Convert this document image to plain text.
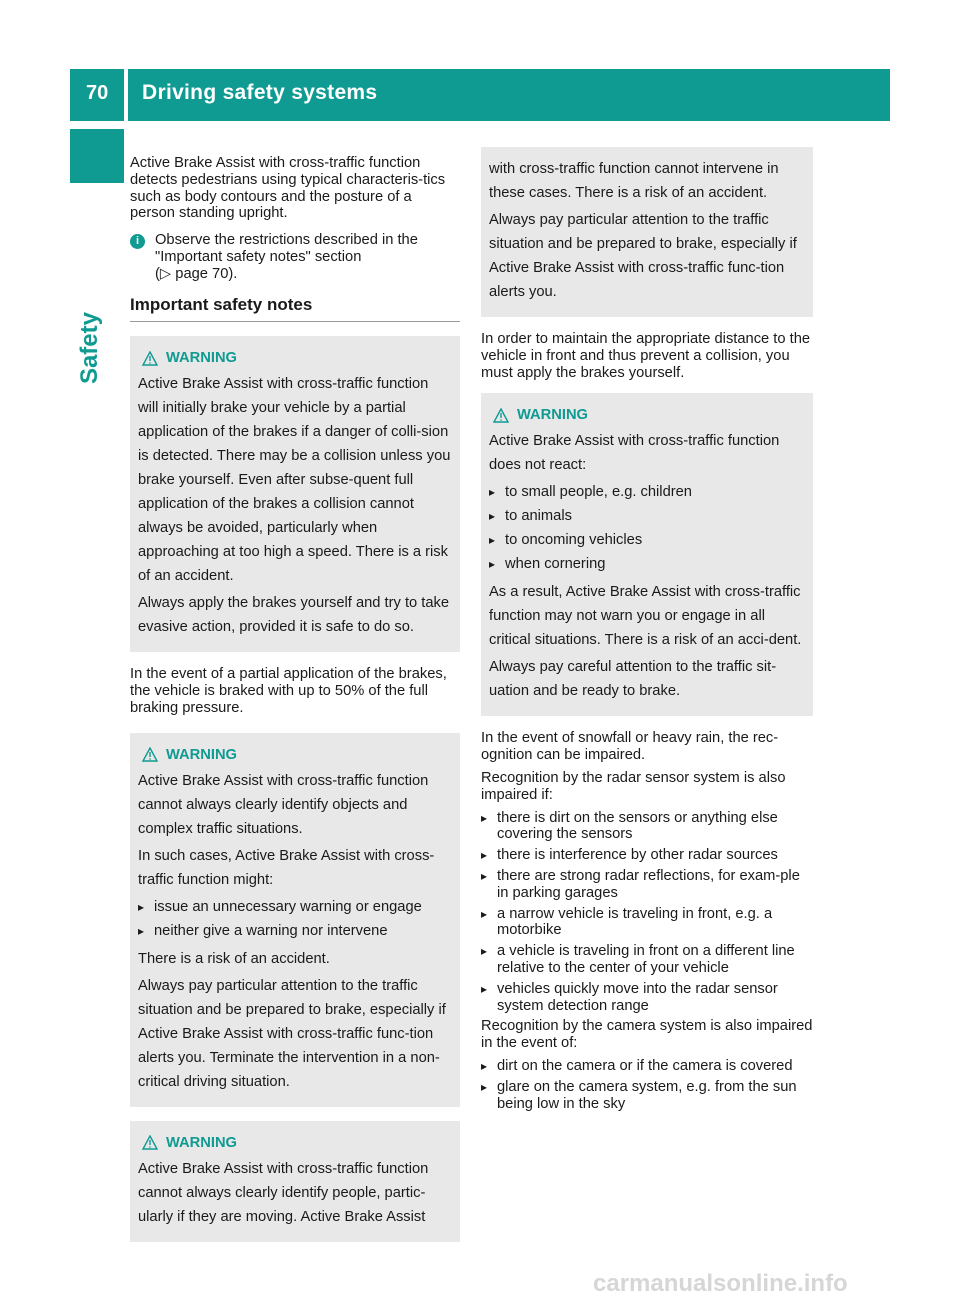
70 Driving safety systems
Safety

Active Brake Assist with cross-traffic function detects pedestrians using typical characteris-tics such as body contours and the posture of a person standing upright.

i	Observe the restrictions described in the "Important safety notes" section
(▷ page 70).
Important safety notes
WARNING

Active Brake Assist with cross-traffic function will initially brake your vehicle by a partial application of the brakes if a danger of colli-sion is detected. There may be a collision unless you brake yourself. Even after subse-quent full application of the brakes a collision cannot always be avoided, particularly when approaching at too high a speed. There is a risk of an accident.

Always apply the brakes yourself and try to take evasive action, provided it is safe to do so.

In the event of a partial application of the brakes, the vehicle is braked with up to 50% of the full braking pressure.

WARNING

Active Brake Assist with cross-traffic function cannot always clearly identify objects and complex traffic situations.

In such cases, Active Brake Assist with cross-traffic function might:

▸ issue an unnecessary warning or engage
▸ neither give a warning nor intervene

There is a risk of an accident.

Always pay particular attention to the traffic situation and be prepared to brake, especially if Active Brake Assist with cross-traffic func-tion alerts you. Terminate the intervention in a non-critical driving situation.

WARNING

Active Brake Assist with cross-traffic function cannot always clearly identify people, partic-ularly if they are moving. Active Brake Assist

with cross-traffic function cannot intervene in these cases. There is a risk of an accident.

Always pay particular attention to the traffic situation and be prepared to brake, especially if Active Brake Assist with cross-traffic func-tion alerts you.

In order to maintain the appropriate distance to the vehicle in front and thus prevent a collision, you must apply the brakes yourself.

WARNING

Active Brake Assist with cross-traffic function does not react:

▸ to small people, e.g. children
▸ to animals
▸ to oncoming vehicles
▸ when cornering

As a result, Active Brake Assist with cross-traffic function may not warn you or engage in all critical situations. There is a risk of an acci-dent.

Always pay careful attention to the traffic sit-uation and be ready to brake.

In the event of snowfall or heavy rain, the rec-ognition can be impaired.

Recognition by the radar sensor system is also impaired if:

▸ there is dirt on the sensors or anything else covering the sensors
▸ there is interference by other radar sources
▸ there are strong radar reflections, for exam-ple in parking garages
▸ a narrow vehicle is traveling in front, e.g. a motorbike
▸ a vehicle is traveling in front on a different line relative to the center of your vehicle
▸ vehicles quickly move into the radar sensor system detection range

Recognition by the camera system is also impaired in the event of:

▸ dirt on the camera or if the camera is covered
▸ glare on the camera system, e.g. from the sun being low in the sky
carmanualsonline.info
